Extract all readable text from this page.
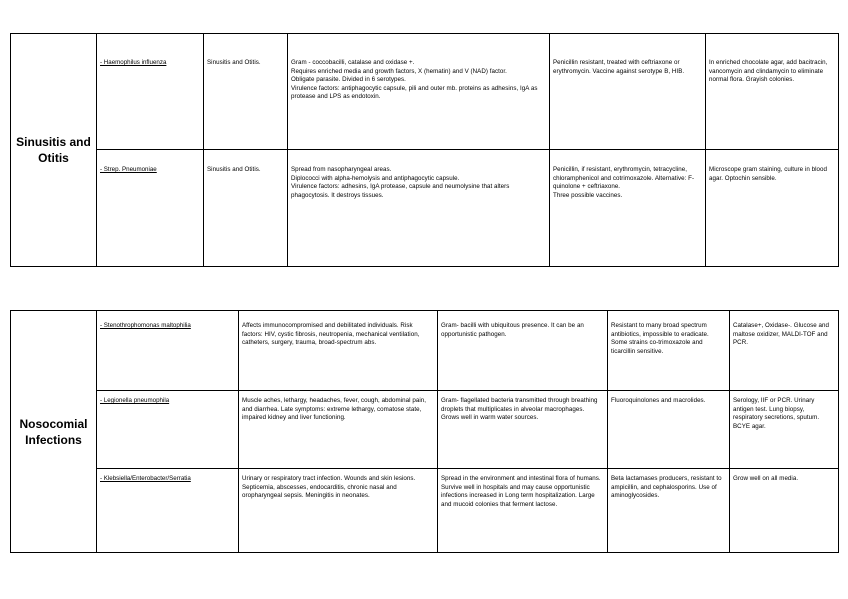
Sinusitis and
Otitis	- Haemophilus influenza	Sinusitis and Otitis.	Gram - coccobacilli, catalase and oxidase +.
Requires enriched media and growth factors, X (hematin) and V (NAD) factor.
Obligate parasite. Divided in 6 serotypes.
Virulence factors: antiphagocytic capsule, pili and outer mb. proteins as adhesins, IgA as protease and LPS as endotoxin.	Penicillin resistant, treated with ceftriaxone or erythromycin. Vaccine against serotype B, HIB.	In enriched chocolate agar, add bacitracin, vancomycin and clindamycin to eliminate normal flora. Grayish colonies.

	- Strep. Pneumoniae	Sinusitis and Otitis.	Spread from nasopharyngeal areas.
Diplococci with alpha-hemolysis and antiphagocytic capsule.
Virulence factors: adhesins, IgA protease, capsule and neumolysine that alters phagocytosis. It destroys tissues.	Penicillin, if resistant, erythromycin, tetracycline, chloramphenicol and cotrimoxazole. Alternative: F-quinolone + ceftriaxone.
Three possible vaccines.	Microscope gram staining, culture in blood agar. Optochin sensible.
Nosocomial
Infections	- Stenothrophomonas maltophilia	Affects immunocompromised and debilitated individuals. Risk factors: HIV, cystic fibrosis, neutropenia, mechanical ventilation, catheters, surgery, trauma, broad-spectrum abs.	Gram- bacilli with ubiquitous presence. It can be an opportunistic pathogen.	Resistant to many broad spectrum antibiotics, impossible to eradicate. Some strains co-trimoxazole and ticarcillin sensitive.	Catalase+, Oxidase-. Glucose and maltose oxidizer, MALDI-TOF and PCR.

	- Legionella pneumophila	Muscle aches, lethargy, headaches, fever, cough, abdominal pain, and diarrhea. Late symptoms: extreme lethargy, comatose state, impaired kidney and liver functioning.	Gram- flagellated bacteria transmitted through breathing droplets that multiplicates in alveolar macrophages. Grows well in warm water sources.	Fluoroquinolones and macrolides.	Serology, IIF or PCR. Urinary antigen test. Lung biopsy, respiratory secretions, sputum. BCYE agar.

	- Klebsiella/Enterobacter/Serratia	Urinary or respiratory tract infection. Wounds and skin lesions. Septicemia, abscesses, endocarditis, chronic nasal and oropharyngeal sepsis. Meningitis in neonates.	Spread in the environment and intestinal flora of humans. Survive well in hospitals and may cause opportunistic infections increased in Long term hospitalization. Large and mucoid colonies that ferment lactose.	Beta lactamases producers, resistant to ampicillin, and cephalosporins. Use of aminoglycosides.	Grow well on all media.
